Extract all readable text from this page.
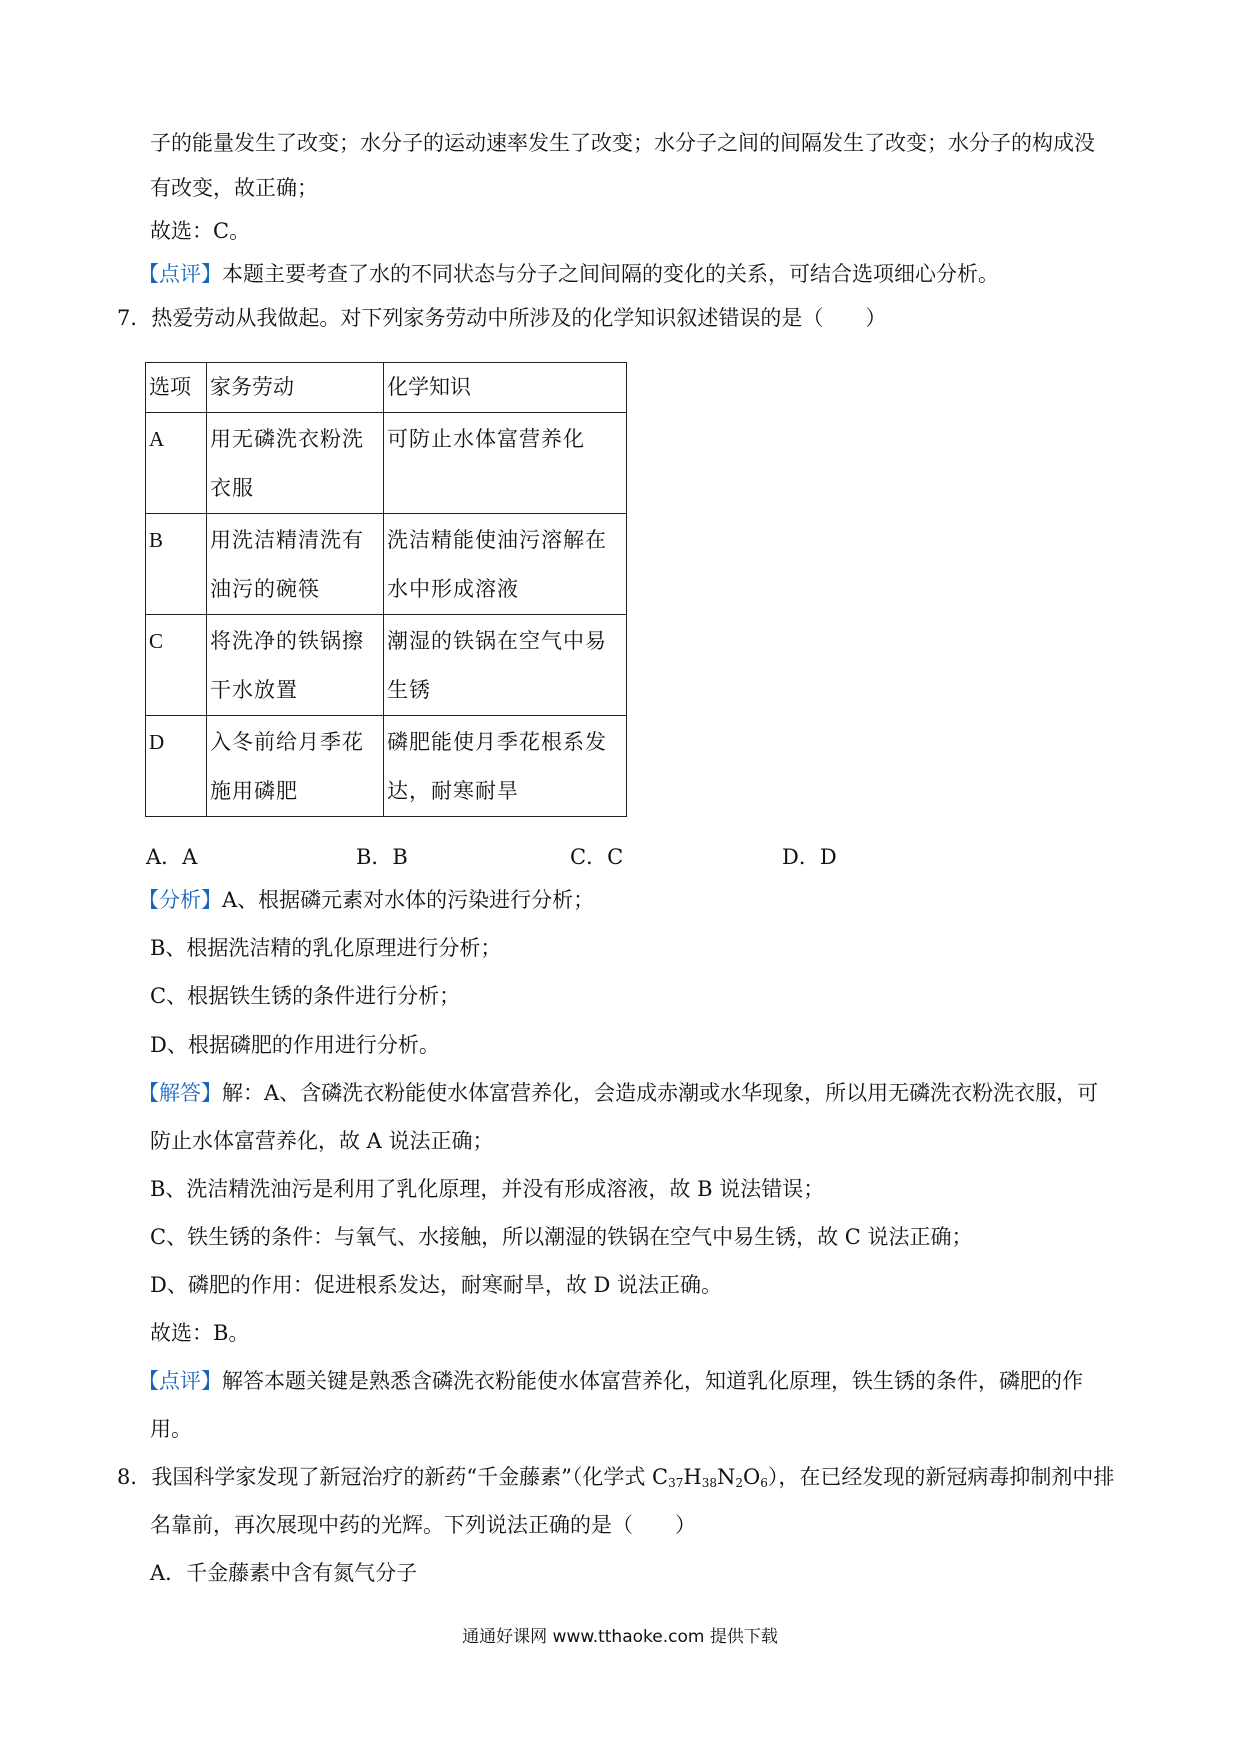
子的能量发生了改变；水分子的运动速率发生了改变；水分子之间的间隔发生了改变；水分子的构成没
有改变，故正确；
故选：C。
【点评】本题主要考查了水的不同状态与分子之间间隔的变化的关系，可结合选项细心分析。
7．热爱劳动从我做起。对下列家务劳动中所涉及的化学知识叙述错误的是（　　）
选项	家务劳动	化学知识
A	用无磷洗衣粉洗衣服	可防止水体富营养化

B	用洗洁精清洗有油污的碗筷	洗洁精能使油污溶解在水中形成溶液

C	将洗净的铁锅擦干水放置	潮湿的铁锅在空气中易生锈

D	入冬前给月季花施用磷肥	磷肥能使月季花根系发达，耐寒耐旱
A．A	B．B	C．C	D．D
【分析】A、根据磷元素对水体的污染进行分析；
B、根据洗洁精的乳化原理进行分析；
C、根据铁生锈的条件进行分析；
D、根据磷肥的作用进行分析。
【解答】解：A、含磷洗衣粉能使水体富营养化，会造成赤潮或水华现象，所以用无磷洗衣粉洗衣服，可
防止水体富营养化，故 A 说法正确；
B、洗洁精洗油污是利用了乳化原理，并没有形成溶液，故 B 说法错误；
C、铁生锈的条件：与氧气、水接触，所以潮湿的铁锅在空气中易生锈，故 C 说法正确；
D、磷肥的作用：促进根系发达，耐寒耐旱，故 D 说法正确。
故选：B。
【点评】解答本题关键是熟悉含磷洗衣粉能使水体富营养化，知道乳化原理，铁生锈的条件，磷肥的作
用。
8．我国科学家发现了新冠治疗的新药“千金藤素”（化学式 $C_{37}H_{38}N_2O_6$），在已经发现的新冠病毒抑制剂中排
名靠前，再次展现中药的光辉。下列说法正确的是（　　）
A．千金藤素中含有氮气分子
通通好课网 www.tthaoke.com 提供下载
